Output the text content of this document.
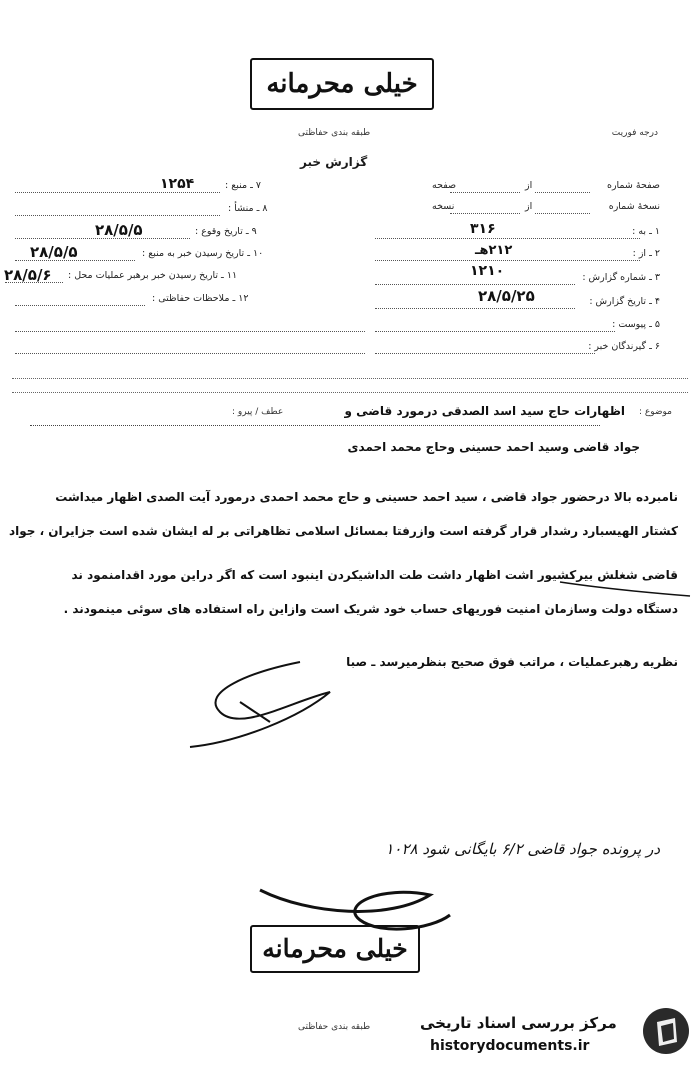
خیلی محرمانه
طبقه بندی حفاظتی
گزارش خبر
درجه فوریت
صفحهٔ شماره
از
صفحه
نسخهٔ شماره
از
نسخه
۱ ـ به :
۳۱۶
۲ ـ از :
۲۱۲هـ
۳ ـ شماره گزارش :
۱۲۱۰
۴ ـ تاریخ گزارش :
۲۸/۵/۲۵
۵ ـ پیوست :
۶ ـ گیرندگان خبر :
۷ ـ منبع :
۱۲۵۴
۸ ـ منشأ :
۹ ـ تاریخ وقوع :
۲۸/۵/۵
۱۰ ـ تاریخ رسیدن خبر به منبع :
۲۸/۵/۵
۱۱ ـ تاریخ رسیدن خبر برهبر عملیات محل :
۲۸/۵/۶
۱۲ ـ ملاحظات حفاظتی :
موضوع :
عطف / پیرو :	اظهارات حاج سید اسد الصدقی درمورد قاضی و
جواد قاضی وسید احمد حسینی وحاج محمد احمدی
نامبرده بالا درحضور جواد قاضی ، سید احمد حسینی و حاج محمد احمدی درمورد آیت الصدی اظهار میداشت
کشتار الهیسبارد رشدار قرار گرفته است وازرفتا بمسائل اسلامی تظاهراتی بر له ایشان شده است جزایران ، جواد
قاضی شغلش بیرکشیور اشت اظهار داشت طت الداشیکردن اینبود است که اگر دراین مورد اقدامنمود ند
دستگاه دولت وسازمان امنیت فوریهای حساب خود شریک است وازاین راه استفاده های سوئی مینمودند .
نظریه رهبرعملیات ، مراتب فوق صحیح بنظرمیرسد ـ صبا
در پرونده جواد قاضی ۶/۲ بایگانی شود ۱۰۲۸
خیلی محرمانه
طبقه بندی حفاظتی	مرکز بررسی اسناد تاریخی
historydocuments.ir
